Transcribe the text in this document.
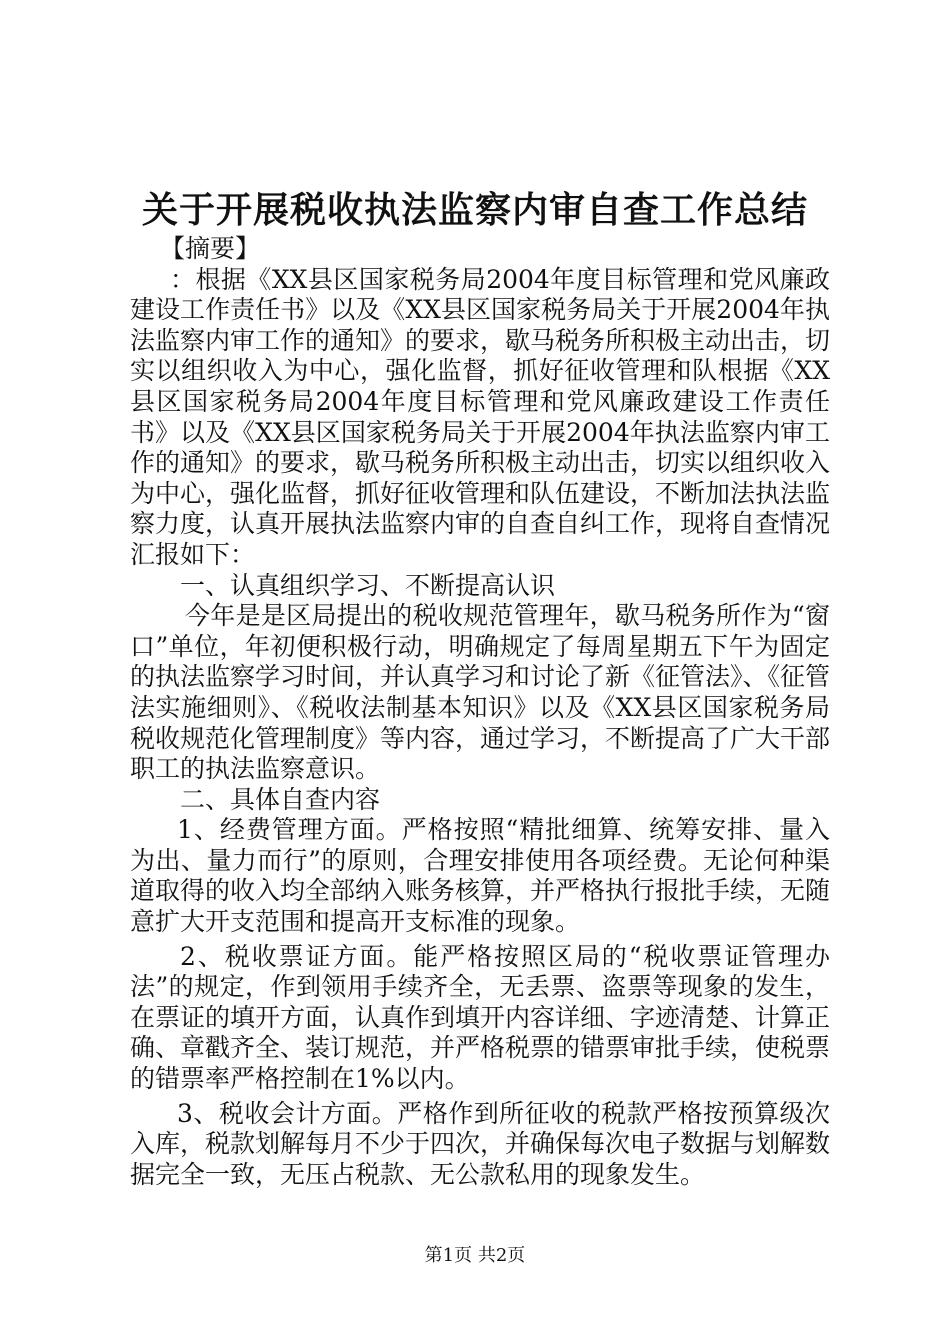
关于开展税收执法监察内审自查工作总结

【摘要】

：根据《XX县区国家税务局2004年度目标管理和党风廉政建设工作责任书》以及《XX县区国家税务局关于开展2004年执法监察内审工作的通知》的要求，歇马税务所积极主动出击，切实以组织收入为中心，强化监督，抓好征收管理和队根据《XX县区国家税务局2004年度目标管理和党风廉政建设工作责任书》以及《XX县区国家税务局关于开展2004年执法监察内审工作的通知》的要求，歇马税务所积极主动出击，切实以组织收入为中心，强化监督，抓好征收管理和队伍建设，不断加法执法监察力度，认真开展执法监察内审的自查自纠工作，现将自查情况汇报如下：

一、认真组织学习、不断提高认识

今年是是区局提出的税收规范管理年，歇马税务所作为“窗口”单位，年初便积极行动，明确规定了每周星期五下午为固定的执法监察学习时间，并认真学习和讨论了新《征管法》、《征管法实施细则》、《税收法制基本知识》以及《XX县区国家税务局税收规范化管理制度》等内容，通过学习，不断提高了广大干部职工的执法监察意识。

二、具体自查内容

1、经费管理方面。严格按照“精批细算、统筹安排、量入为出、量力而行”的原则，合理安排使用各项经费。无论何种渠道取得的收入均全部纳入账务核算，并严格执行报批手续，无随意扩大开支范围和提高开支标准的现象。

2、税收票证方面。能严格按照区局的“税收票证管理办法”的规定，作到领用手续齐全，无丢票、盗票等现象的发生，在票证的填开方面，认真作到填开内容详细、字迹清楚、计算正确、章戳齐全、装订规范，并严格税票的错票审批手续，使税票的错票率严格控制在1%以内。

3、税收会计方面。严格作到所征收的税款严格按预算级次入库，税款划解每月不少于四次，并确保每次电子数据与划解数据完全一致，无压占税款、无公款私用的现象发生。

第1页 共2页
